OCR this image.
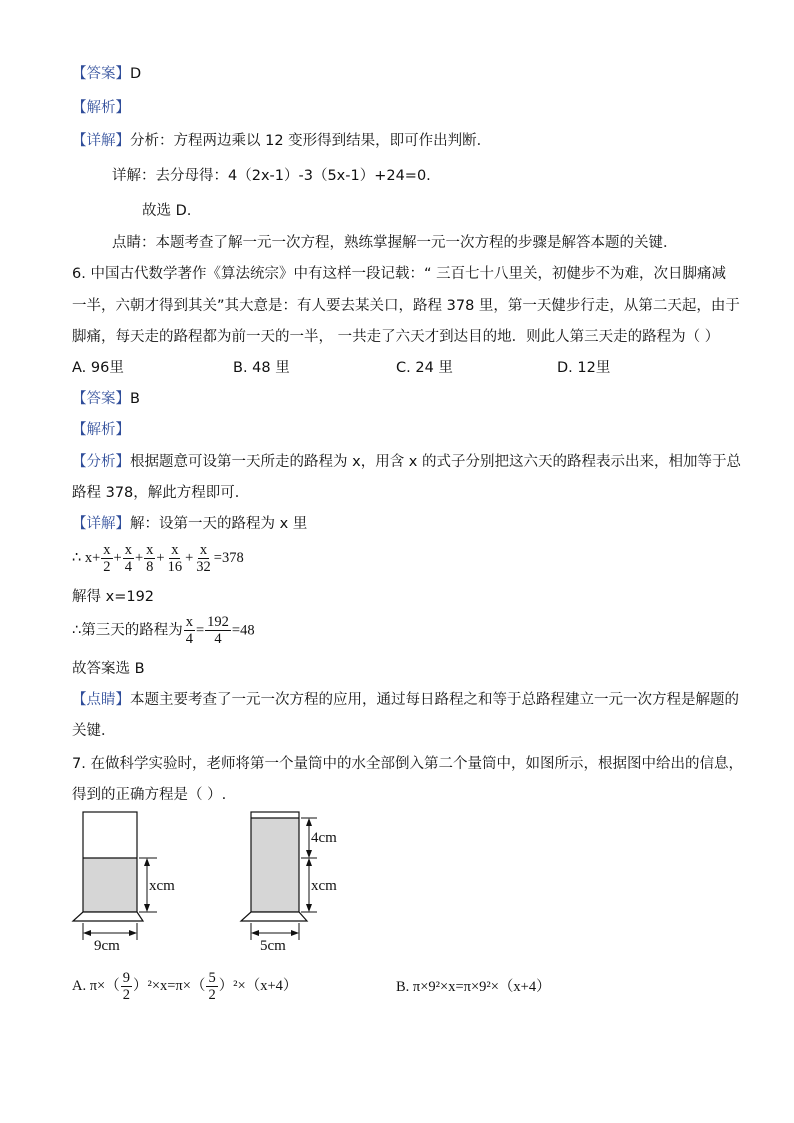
【答案】D
【解析】
【详解】分析：方程两边乘以 12 变形得到结果，即可作出判断．
详解：去分母得：4（2x-1）-3（5x-1）+24=0.
故选 D.
点睛：本题考查了解一元一次方程，熟练掌握解一元一次方程的步骤是解答本题的关键．
6. 中国古代数学著作《算法统宗》中有这样一段记载：“ 三百七十八里关，初健步不为难，次日脚痛减
一半，六朝才得到其关”其大意是：有人要去某关口，路程 378 里，第一天健步行走，从第二天起，由于
脚痛，每天走的路程都为前一天的一半， 一共走了六天才到达目的地．则此人第三天走的路程为（ ）
A. 96里	B. 48 里	C. 24 里	D. 12里
【答案】B
【解析】
【分析】根据题意可设第一天所走的路程为 x，用含 x 的式子分别把这六天的路程表示出来，相加等于总
路程 378，解此方程即可．
【详解】解：设第一天的路程为 x 里
∴ $x+ \frac{x}{2} + \frac{x}{4} + \frac{x}{8} + \frac{x}{16} + \frac{x}{32} =378$
解得 x=192
∴第三天的路程为 $\frac{x}{4} = \frac{192}{4} =48$
故答案选 B
【点睛】本题主要考查了一元一次方程的应用，通过每日路程之和等于总路程建立一元一次方程是解题的
关键．
7. 在做科学实验时，老师将第一个量筒中的水全部倒入第二个量筒中，如图所示，根据图中给出的信息，
得到的正确方程是（ ）.
xcm
9cm
4cm
xcm
5cm
A. $\pi\times( \frac{9}{2} )^2\times x=\pi\times( \frac{5}{2} )^2\times(x+4)$	B. π×9²×x=π×9²×（x+4）
